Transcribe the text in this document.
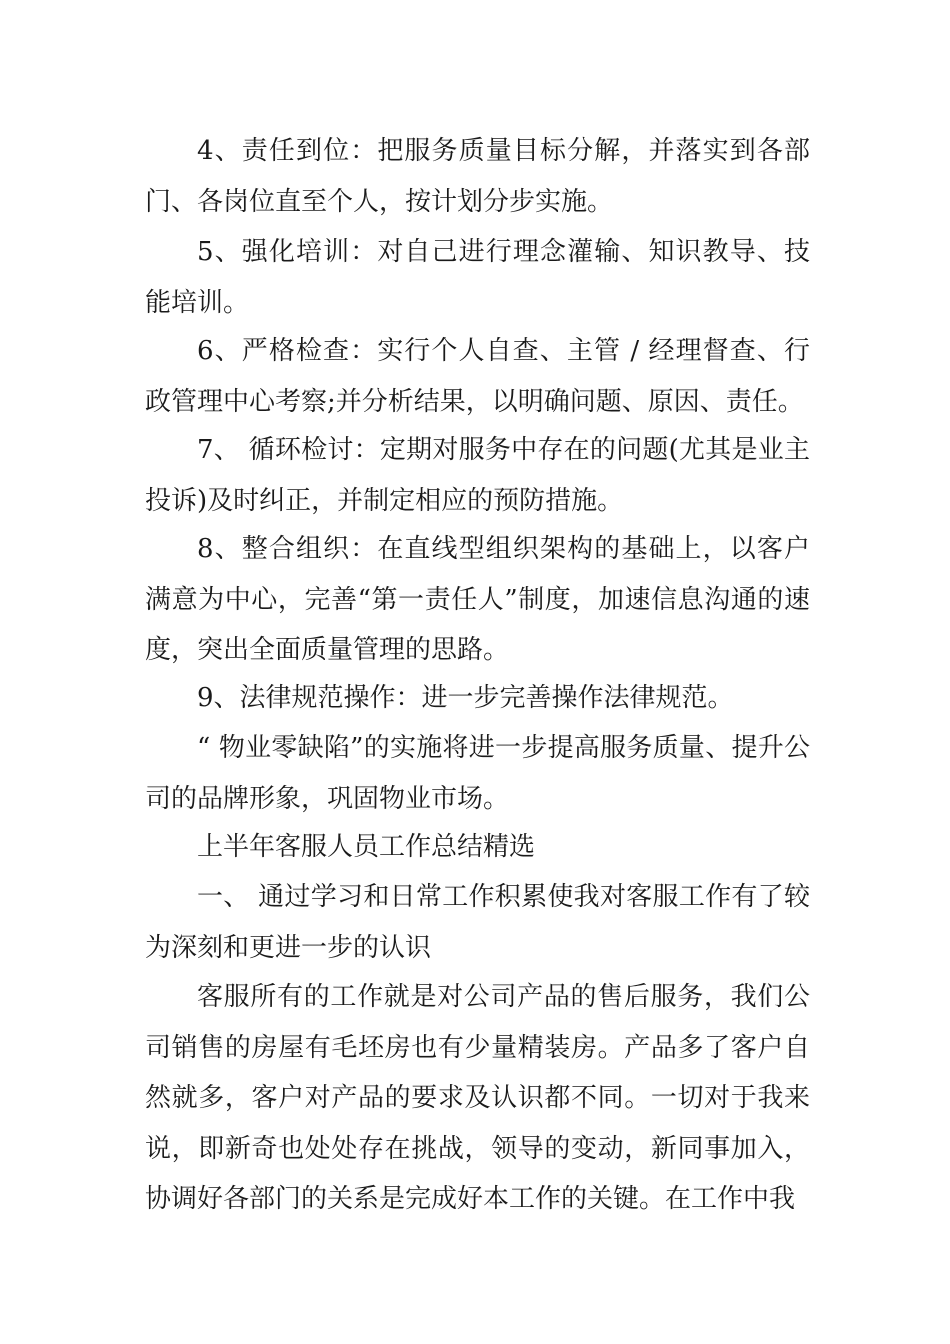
4、责任到位：把服务质量目标分解，并落实到各部门、各岗位直至个人，按计划分步实施。

5、强化培训：对自己进行理念灌输、知识教导、技能培训。

6、严格检查：实行个人自查、主管 / 经理督查、行政管理中心考察;并分析结果，以明确问题、原因、责任。

7、 循环检讨：定期对服务中存在的问题(尤其是业主投诉)及时纠正，并制定相应的预防措施。

8、整合组织：在直线型组织架构的基础上，以客户满意为中心，完善“第一责任人”制度，加速信息沟通的速度，突出全面质量管理的思路。

9、法律规范操作：进一步完善操作法律规范。

“ 物业零缺陷”的实施将进一步提高服务质量、提升公司的品牌形象，巩固物业市场。

上半年客服人员工作总结精选

一、 通过学习和日常工作积累使我对客服工作有了较为深刻和更进一步的认识

客服所有的工作就是对公司产品的售后服务，我们公司销售的房屋有毛坯房也有少量精装房。产品多了客户自然就多，客户对产品的要求及认识都不同。一切对于我来说，即新奇也处处存在挑战，领导的变动，新同事加入，协调好各部门的关系是完成好本工作的关键。在工作中我
